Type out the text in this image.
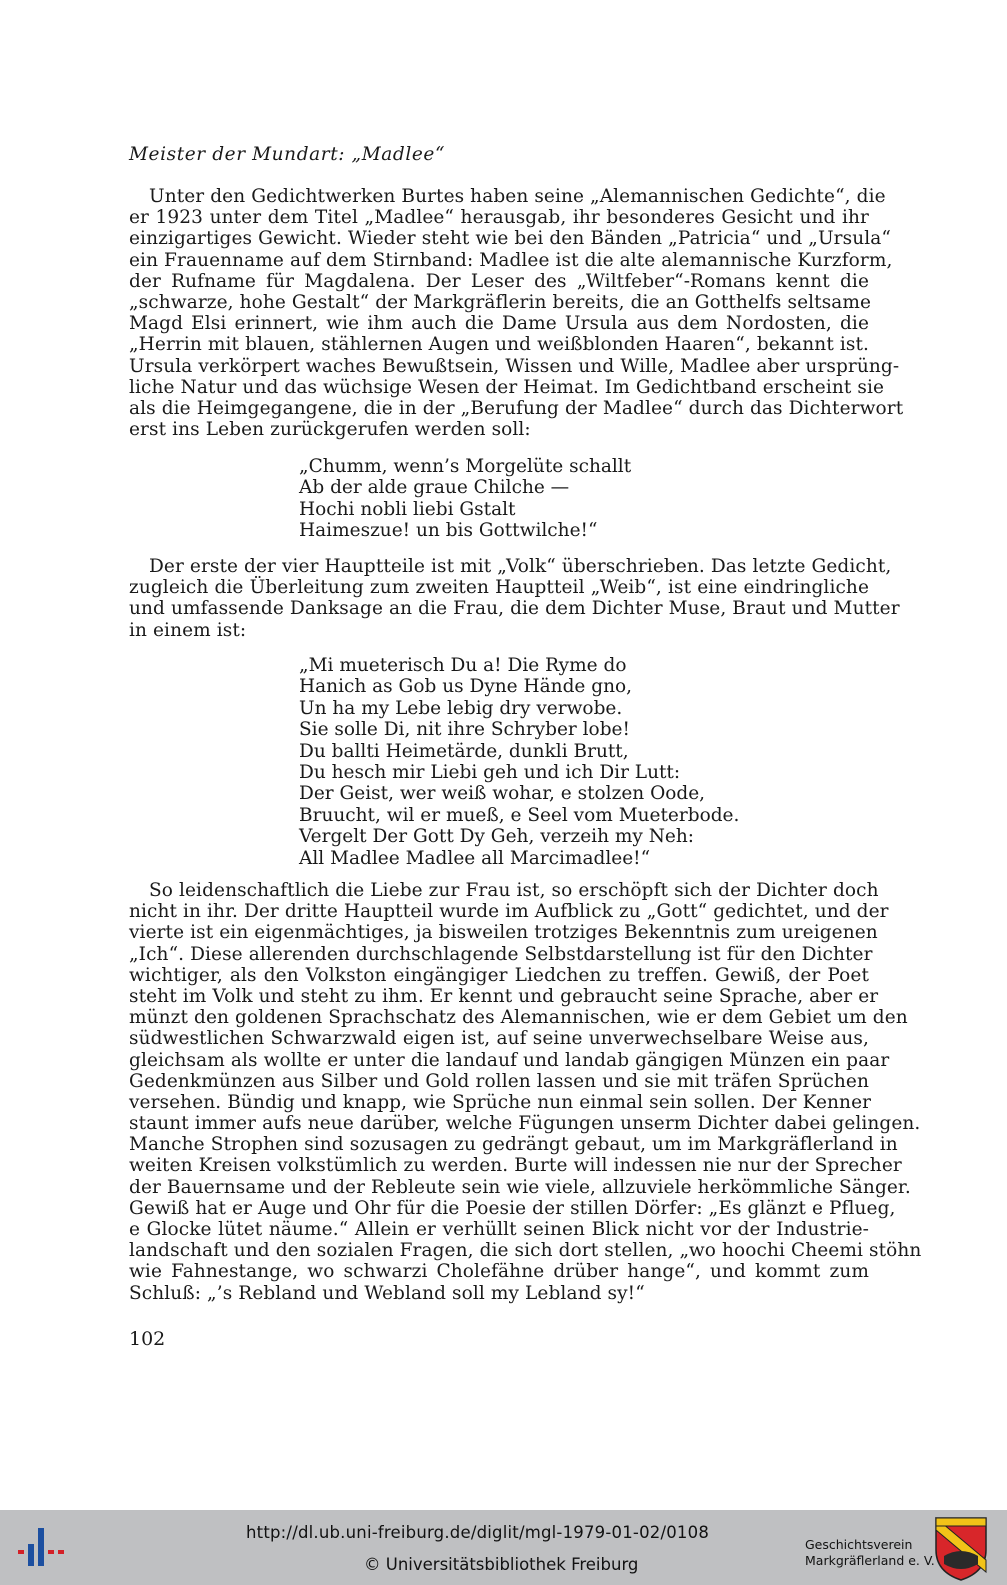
Meister der Mundart: „Madlee“
Unter den Gedichtwerken Burtes haben seine „Alemannischen Gedichte“, die
er 1923 unter dem Titel „Madlee“ herausgab, ihr besonderes Gesicht und ihr
einzigartiges Gewicht. Wieder steht wie bei den Bänden „Patricia“ und „Ursula“
ein Frauenname auf dem Stirnband: Madlee ist die alte alemannische Kurzform,
der Rufname für Magdalena. Der Leser des „Wiltfeber“-Romans kennt die
„schwarze, hohe Gestalt“ der Markgräflerin bereits, die an Gotthelfs seltsame
Magd Elsi erinnert, wie ihm auch die Dame Ursula aus dem Nordosten, die
„Herrin mit blauen, stählernen Augen und weißblonden Haaren“, bekannt ist.
Ursula verkörpert waches Bewußtsein, Wissen und Wille, Madlee aber ursprüng-
liche Natur und das wüchsige Wesen der Heimat. Im Gedichtband erscheint sie
als die Heimgegangene, die in der „Berufung der Madlee“ durch das Dichterwort
erst ins Leben zurückgerufen werden soll:
„Chumm, wenn’s Morgelüte schallt
Ab der alde graue Chilche —
Hochi nobli liebi Gstalt
Haimeszue! un bis Gottwilche!“
Der erste der vier Hauptteile ist mit „Volk“ überschrieben. Das letzte Gedicht,
zugleich die Überleitung zum zweiten Hauptteil „Weib“, ist eine eindringliche
und umfassende Danksage an die Frau, die dem Dichter Muse, Braut und Mutter
in einem ist:
„Mi mueterisch Du a! Die Ryme do
Hanich as Gob us Dyne Hände gno,
Un ha my Lebe lebig dry verwobe.
Sie solle Di, nit ihre Schryber lobe!
Du ballti Heimetärde, dunkli Brutt,
Du hesch mir Liebi geh und ich Dir Lutt:
Der Geist, wer weiß wohar, e stolzen Oode,
Bruucht, wil er mueß, e Seel vom Mueterbode.
Vergelt Der Gott Dy Geh, verzeih my Neh:
All Madlee Madlee all Marcimadlee!“
So leidenschaftlich die Liebe zur Frau ist, so erschöpft sich der Dichter doch
nicht in ihr. Der dritte Hauptteil wurde im Aufblick zu „Gott“ gedichtet, und der
vierte ist ein eigenmächtiges, ja bisweilen trotziges Bekenntnis zum ureigenen
„Ich“. Diese allerenden durchschlagende Selbstdarstellung ist für den Dichter
wichtiger, als den Volkston eingängiger Liedchen zu treffen. Gewiß, der Poet
steht im Volk und steht zu ihm. Er kennt und gebraucht seine Sprache, aber er
münzt den goldenen Sprachschatz des Alemannischen, wie er dem Gebiet um den
südwestlichen Schwarzwald eigen ist, auf seine unverwechselbare Weise aus,
gleichsam als wollte er unter die landauf und landab gängigen Münzen ein paar
Gedenkmünzen aus Silber und Gold rollen lassen und sie mit träfen Sprüchen
versehen. Bündig und knapp, wie Sprüche nun einmal sein sollen. Der Kenner
staunt immer aufs neue darüber, welche Fügungen unserm Dichter dabei gelingen.
Manche Strophen sind sozusagen zu gedrängt gebaut, um im Markgräflerland in
weiten Kreisen volkstümlich zu werden. Burte will indessen nie nur der Sprecher
der Bauernsame und der Rebleute sein wie viele, allzuviele herkömmliche Sänger.
Gewiß hat er Auge und Ohr für die Poesie der stillen Dörfer: „Es glänzt e Pflueg,
e Glocke lütet näume.“ Allein er verhüllt seinen Blick nicht vor der Industrie-
landschaft und den sozialen Fragen, die sich dort stellen, „wo hoochi Cheemi stöhn
wie Fahnestange, wo schwarzi Cholefähne drüber hange“, und kommt zum
Schluß: „’s Rebland und Webland soll my Lebland sy!“
102
http://dl.ub.uni-freiburg.de/diglit/mgl-1979-01-02/0108
© Universitätsbibliothek Freiburg
Geschichtsverein
Markgräflerland e. V.
